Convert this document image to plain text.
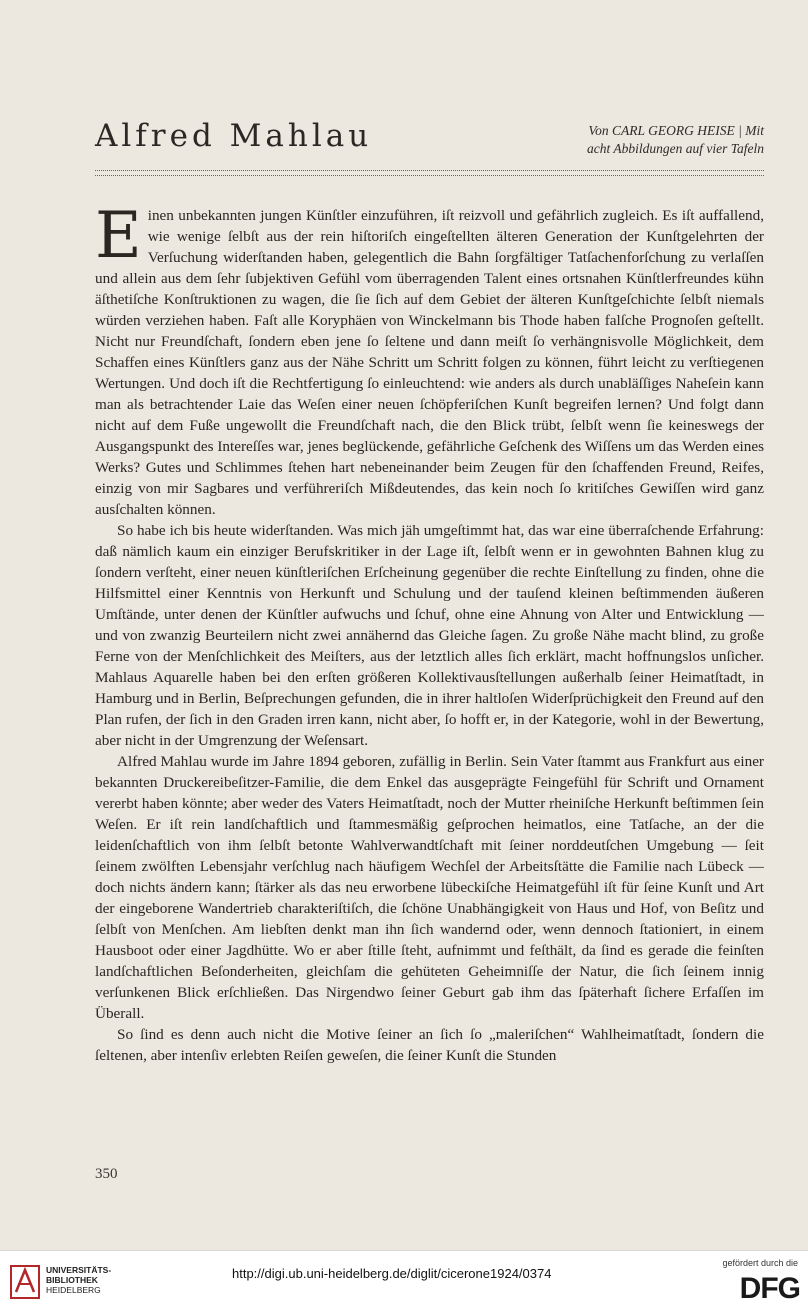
Alfred Mahlau	Von CARL GEORG HEISE | Mit
acht Abbildungen auf vier Tafeln

Einen unbekannten jungen Künſtler einzuführen, iſt reizvoll und gefährlich zugleich. Es iſt auffallend, wie wenige ſelbſt aus der rein hiſtoriſch eingeſtellten älteren Generation der Kunſtgelehrten der Verſuchung widerſtanden haben, gelegentlich die Bahn ſorgfältiger Tatſachenforſchung zu verlaſſen und allein aus dem ſehr ſubjektiven Gefühl vom überragenden Talent eines ortsnahen Künſtlerfreundes kühn äſthetiſche Konſtruktionen zu wagen, die ſie ſich auf dem Gebiet der älteren Kunſtgeſchichte ſelbſt niemals würden verziehen haben. Faſt alle Koryphäen von Winckelmann bis Thode haben falſche Prognoſen geſtellt. Nicht nur Freundſchaft, ſondern eben jene ſo ſeltene und dann meiſt ſo verhängnisvolle Möglichkeit, dem Schaffen eines Künſtlers ganz aus der Nähe Schritt um Schritt folgen zu können, führt leicht zu verſtiegenen Wertungen. Und doch iſt die Rechtfertigung ſo einleuchtend: wie anders als durch unabläſſiges Naheſein kann man als betrachtender Laie das Weſen einer neuen ſchöpferiſchen Kunſt begreifen lernen? Und folgt dann nicht auf dem Fuße ungewollt die Freundſchaft nach, die den Blick trübt, ſelbſt wenn ſie keineswegs der Ausgangspunkt des Intereſſes war, jenes beglückende, gefährliche Geſchenk des Wiſſens um das Werden eines Werks? Gutes und Schlimmes ſtehen hart nebeneinander beim Zeugen für den ſchaffenden Freund, Reifes, einzig von mir Sagbares und verführeriſch Mißdeutendes, das kein noch ſo kritiſches Gewiſſen wird ganz ausſchalten können.

So habe ich bis heute widerſtanden. Was mich jäh umgeſtimmt hat, das war eine überraſchende Erfahrung: daß nämlich kaum ein einziger Berufskritiker in der Lage iſt, ſelbſt wenn er in gewohnten Bahnen klug zu ſondern verſteht, einer neuen künſtleriſchen Erſcheinung gegenüber die rechte Einſtellung zu finden, ohne die Hilfsmittel einer Kenntnis von Herkunft und Schulung und der tauſend kleinen beſtimmenden äußeren Umſtände, unter denen der Künſtler aufwuchs und ſchuf, ohne eine Ahnung von Alter und Entwicklung — und von zwanzig Beurteilern nicht zwei annähernd das Gleiche ſagen. Zu große Nähe macht blind, zu große Ferne von der Menſchlichkeit des Meiſters, aus der letztlich alles ſich erklärt, macht hoffnungslos unſicher. Mahlaus Aquarelle haben bei den erſten größeren Kollektivausſtellungen außerhalb ſeiner Heimatſtadt, in Hamburg und in Berlin, Beſprechungen gefunden, die in ihrer haltloſen Widerſprüchigkeit den Freund auf den Plan rufen, der ſich in den Graden irren kann, nicht aber, ſo hofft er, in der Kategorie, wohl in der Bewertung, aber nicht in der Umgrenzung der Weſensart.

Alfred Mahlau wurde im Jahre 1894 geboren, zufällig in Berlin. Sein Vater ſtammt aus Frankfurt aus einer bekannten Druckereibeſitzer-Familie, die dem Enkel das ausgeprägte Feingefühl für Schrift und Ornament vererbt haben könnte; aber weder des Vaters Heimatſtadt, noch der Mutter rheiniſche Herkunft beſtimmen ſein Weſen. Er iſt rein landſchaftlich und ſtammesmäßig geſprochen heimatlos, eine Tatſache, an der die leidenſchaftlich von ihm ſelbſt betonte Wahlverwandtſchaft mit ſeiner norddeutſchen Umgebung — ſeit ſeinem zwölften Lebensjahr verſchlug nach häufigem Wechſel der Arbeitsſtätte die Familie nach Lübeck — doch nichts ändern kann; ſtärker als das neu erworbene lübeckiſche Heimatgefühl iſt für ſeine Kunſt und Art der eingeborene Wandertrieb charakteriſtiſch, die ſchöne Unabhängigkeit von Haus und Hof, von Beſitz und ſelbſt von Menſchen. Am liebſten denkt man ihn ſich wandernd oder, wenn dennoch ſtationiert, in einem Hausboot oder einer Jagdhütte. Wo er aber ſtille ſteht, aufnimmt und feſthält, da ſind es gerade die feinſten landſchaftlichen Beſonderheiten, gleichſam die gehüteten Geheimniſſe der Natur, die ſich ſeinem innig verſunkenen Blick erſchließen. Das Nirgendwo ſeiner Geburt gab ihm das ſpäterhaft ſichere Erfaſſen im Überall.

So ſind es denn auch nicht die Motive ſeiner an ſich ſo „maleriſchen“ Wahlheimatſtadt, ſondern die ſeltenen, aber intenſiv erlebten Reiſen geweſen, die ſeiner Kunſt die Stunden

350
UNIVERSITÄTS-
BIBLIOTHEK
HEIDELBERG
http://digi.ub.uni-heidelberg.de/diglit/cicerone1924/0374
gefördert durch die
DFG
